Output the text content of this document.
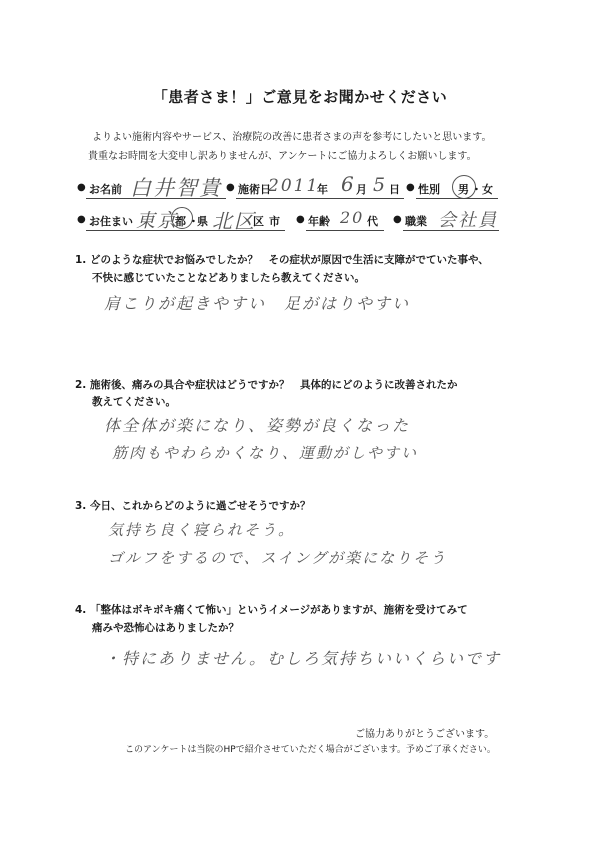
「患者さま！」ご意見をお聞かせください
よりよい施術内容やサービス、治療院の改善に患者さまの声を参考にしたいと思います。
貴重なお時間を大変申し訳ありませんが、アンケートにご協力よろしくお願いします。
● お名前 白井智貴 ● 施術日
2011
年 6 月 5 日 ● 性別 男 ・ 女
● お住まい 東京
都 ・
県 北区
区 市 ● 年齢 20 代 ● 職業 会社員
1. どのような症状でお悩みでしたか？　その症状が原因で生活に支障がでていた事や、
不快に感じていたことなどありましたら教えてください。
肩こりが起きやすい　足がはりやすい
2. 施術後、痛みの具合や症状はどうですか？　具体的にどのように改善されたか
教えてください。
体全体が楽になり、姿勢が良くなった
筋肉もやわらかくなり、運動がしやすい
3. 今日、これからどのように過ごせそうですか？
気持ち良く寝られそう。
ゴルフをするので、スイングが楽になりそう
4. 「整体はボキボキ痛くて怖い」というイメージがありますが、施術を受けてみて
痛みや恐怖心はありましたか？
・特にありません。むしろ気持ちいいくらいです
ご協力ありがとうございます。
このアンケートは当院のHPで紹介させていただく場合がございます。予めご了承ください。
